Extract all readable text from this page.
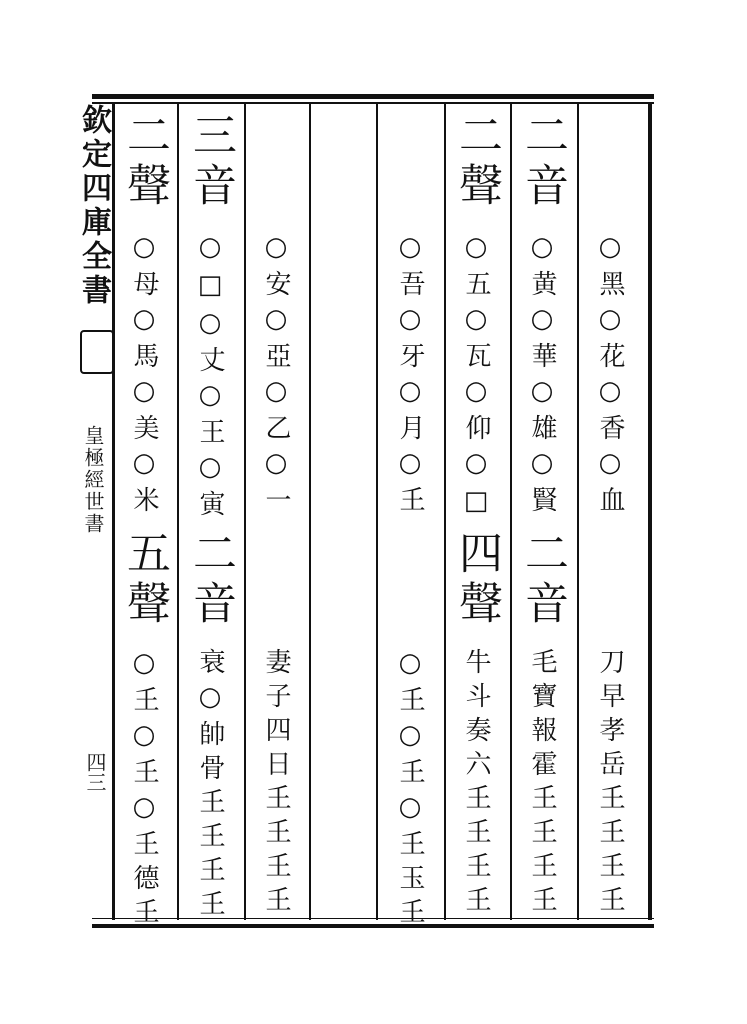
欽定四庫全書
皇極經世書
四三
二聲
○母○馬○美○米
五聲
○𡈼○𡈼○𡈼德𡈼
三音
○□○丈○王○寅
二音
衰○帥骨𡈼𡈼𡈼𡈼
○安○亞○乙○一
妻子四日𡈼𡈼𡈼𡈼
○吾○牙○月○𡈼
○𡈼○𡈼○𡈼玉𡈼
二聲
○五○瓦○仰○□
四聲
牛斗奏六𡈼𡈼𡈼𡈼
二音
○黄○華○雄○賢
二音
毛寶報霍𡈼𡈼𡈼𡈼
○黑○花○香○血
刀早孝岳𡈼𡈼𡈼𡈼
